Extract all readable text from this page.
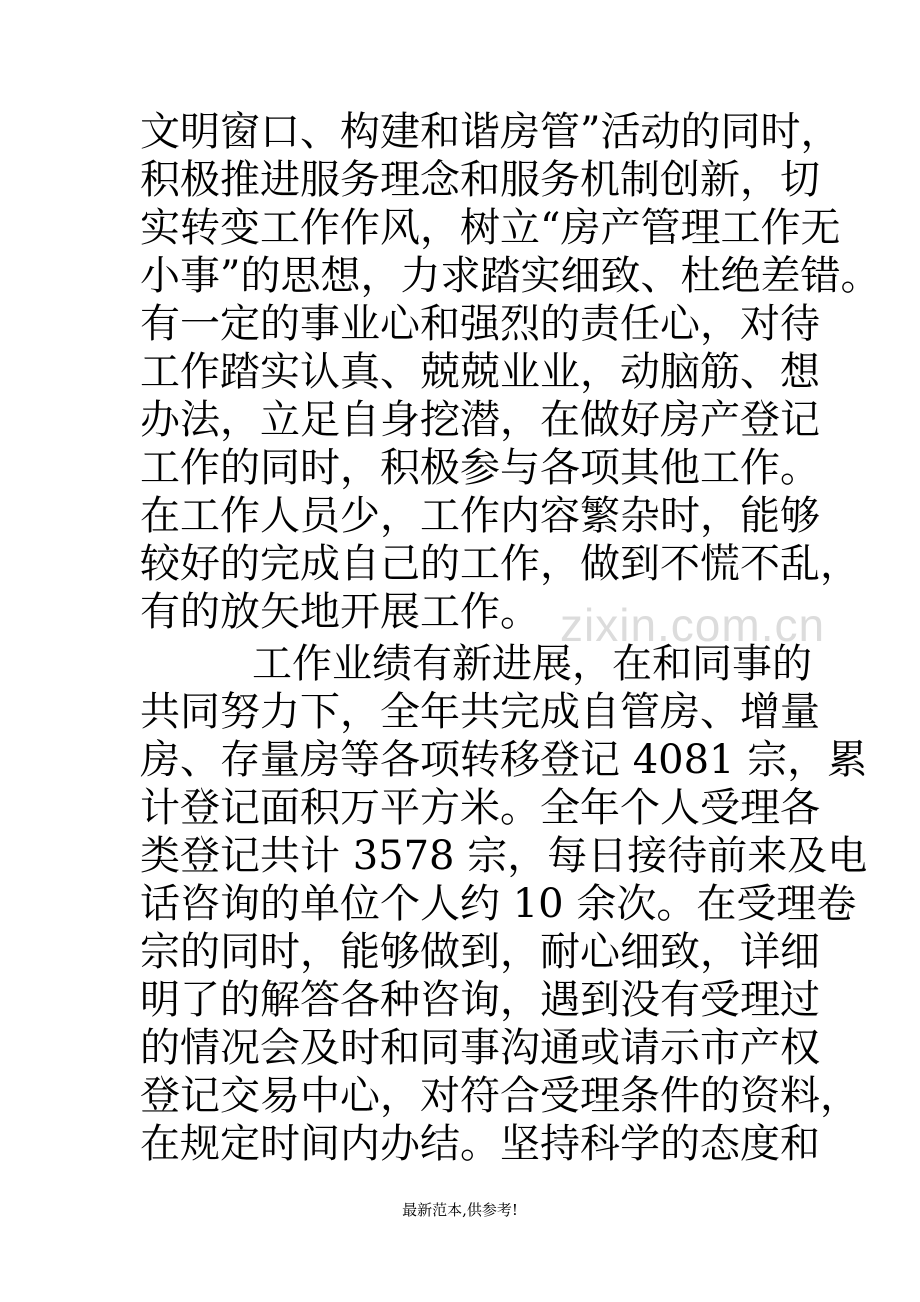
文明窗口、构建和谐房管”活动的同时，
积极推进服务理念和服务机制创新，切
实转变工作作风，树立“房产管理工作无
小事”的思想，力求踏实细致、杜绝差错。
有一定的事业心和强烈的责任心，对待
工作踏实认真、兢兢业业，动脑筋、想
办法，立足自身挖潜，在做好房产登记
工作的同时，积极参与各项其他工作。
在工作人员少，工作内容繁杂时，能够
较好的完成自己的工作，做到不慌不乱，
有的放矢地开展工作。 zixin.com.cn
工作业绩有新进展，在和同事的
共同努力下，全年共完成自管房、增量
房、存量房等各项转移登记 4081 宗，累
计登记面积万平方米。全年个人受理各
类登记共计 3578 宗，每日接待前来及电
话咨询的单位个人约 10 余次。在受理卷
宗的同时，能够做到，耐心细致，详细
明了的解答各种咨询，遇到没有受理过
的情况会及时和同事沟通或请示市产权
登记交易中心，对符合受理条件的资料，
在规定时间内办结。坚持科学的态度和
最新范本,供参考!
